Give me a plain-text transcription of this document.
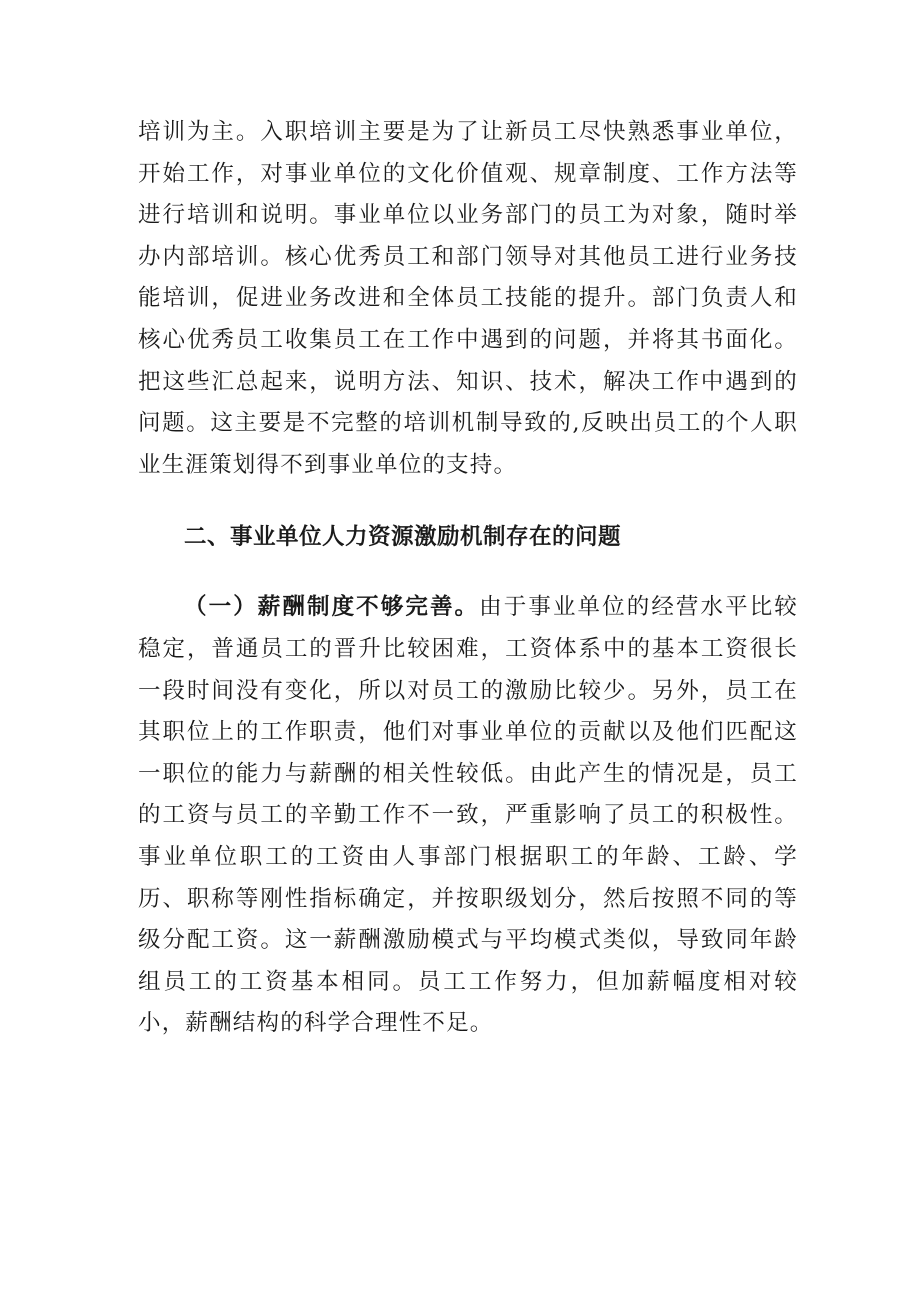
培训为主。入职培训主要是为了让新员工尽快熟悉事业单位，开始工作，对事业单位的文化价值观、规章制度、工作方法等进行培训和说明。事业单位以业务部门的员工为对象，随时举办内部培训。核心优秀员工和部门领导对其他员工进行业务技能培训，促进业务改进和全体员工技能的提升。部门负责人和核心优秀员工收集员工在工作中遇到的问题，并将其书面化。把这些汇总起来，说明方法、知识、技术，解决工作中遇到的问题。这主要是不完整的培训机制导致的,反映出员工的个人职业生涯策划得不到事业单位的支持。

二、事业单位人力资源激励机制存在的问题

（一）薪酬制度不够完善。由于事业单位的经营水平比较稳定，普通员工的晋升比较困难，工资体系中的基本工资很长一段时间没有变化，所以对员工的激励比较少。另外，员工在其职位上的工作职责，他们对事业单位的贡献以及他们匹配这一职位的能力与薪酬的相关性较低。由此产生的情况是，员工的工资与员工的辛勤工作不一致，严重影响了员工的积极性。事业单位职工的工资由人事部门根据职工的年龄、工龄、学历、职称等刚性指标确定，并按职级划分，然后按照不同的等级分配工资。这一薪酬激励模式与平均模式类似，导致同年龄组员工的工资基本相同。员工工作努力，但加薪幅度相对较小，薪酬结构的科学合理性不足。
